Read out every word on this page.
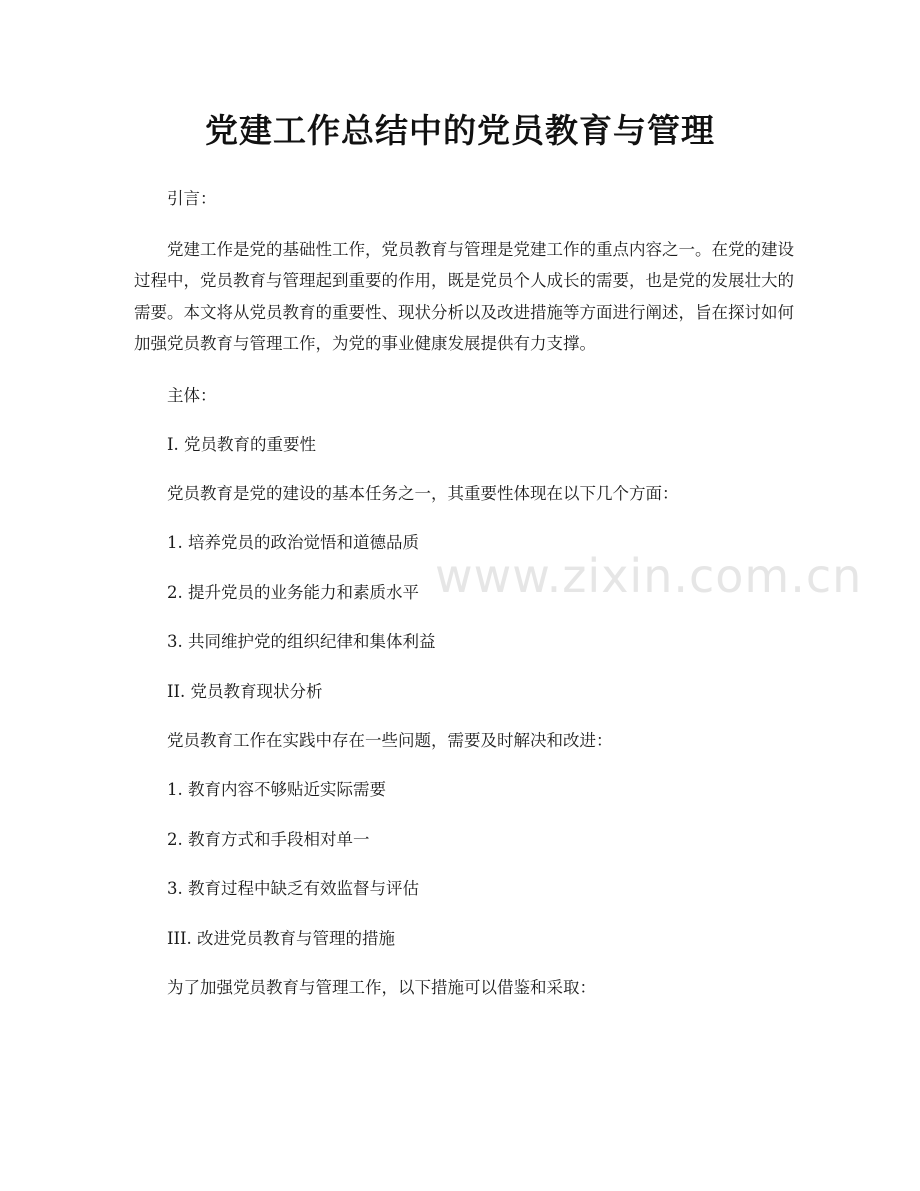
党建工作总结中的党员教育与管理

引言：

党建工作是党的基础性工作，党员教育与管理是党建工作的重点内容之一。在党的建设过程中，党员教育与管理起到重要的作用，既是党员个人成长的需要，也是党的发展壮大的需要。本文将从党员教育的重要性、现状分析以及改进措施等方面进行阐述，旨在探讨如何加强党员教育与管理工作，为党的事业健康发展提供有力支撑。

主体：

I. 党员教育的重要性

党员教育是党的建设的基本任务之一，其重要性体现在以下几个方面：

1. 培养党员的政治觉悟和道德品质

2. 提升党员的业务能力和素质水平

3. 共同维护党的组织纪律和集体利益

II. 党员教育现状分析

党员教育工作在实践中存在一些问题，需要及时解决和改进：

1. 教育内容不够贴近实际需要

2. 教育方式和手段相对单一

3. 教育过程中缺乏有效监督与评估

III. 改进党员教育与管理的措施

为了加强党员教育与管理工作，以下措施可以借鉴和采取：

www.zixin.com.cn
